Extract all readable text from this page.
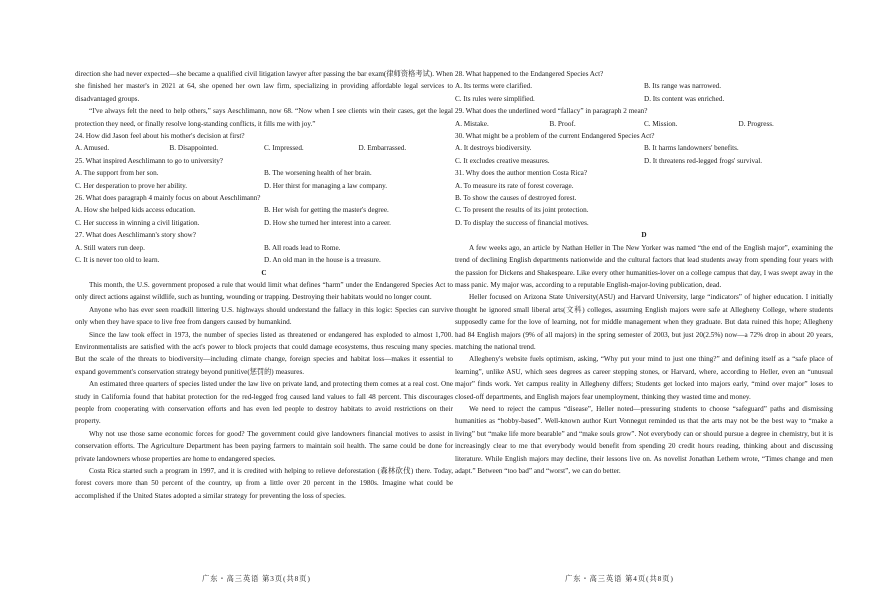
direction she had never expected—she became a qualified civil litigation lawyer after passing the bar exam(律师资格考试). When she finished her master's in 2021 at 64, she opened her own law firm, specializing in providing affordable legal services to disadvantaged groups.

“I've always felt the need to help others,” says Aeschlimann, now 68. “Now when I see clients win their cases, get the legal protection they need, or finally resolve long-standing conflicts, it fills me with joy.”

24. How did Jason feel about his mother's decision at first?

A. Amused.	B. Disappointed.	C. Impressed.	D. Embarrassed.

25. What inspired Aeschlimann to go to university?

A. The support from her son.	B. The worsening health of her brain.
C. Her desperation to prove her ability.	D. Her thirst for managing a law company.

26. What does paragraph 4 mainly focus on about Aeschlimann?

A. How she helped kids access education.	B. Her wish for getting the master's degree.
C. Her success in winning a civil litigation.	D. How she turned her interest into a career.

27. What does Aeschlimann's story show?

A. Still waters run deep.	B. All roads lead to Rome.
C. It is never too old to learn.	D. An old man in the house is a treasure.

C

This month, the U.S. government proposed a rule that would limit what defines “harm” under the Endangered Species Act to only direct actions against wildlife, such as hunting, wounding or trapping. Destroying their habitats would no longer count.

Anyone who has ever seen roadkill littering U.S. highways should understand the fallacy in this logic: Species can survive only when they have space to live free from dangers caused by humankind.

Since the law took effect in 1973, the number of species listed as threatened or endangered has exploded to almost 1,700. Environmentalists are satisfied with the act's power to block projects that could damage ecosystems, thus rescuing many species. But the scale of the threats to biodiversity—including climate change, foreign species and habitat loss—makes it essential to expand government's conservation strategy beyond punitive(惩罚的) measures.

An estimated three quarters of species listed under the law live on private land, and protecting them comes at a real cost. One study in California found that habitat protection for the red-legged frog caused land values to fall 48 percent. This discourages people from cooperating with conservation efforts and has even led people to destroy habitats to avoid restrictions on their property.

Why not use those same economic forces for good? The government could give landowners financial motives to assist in conservation efforts. The Agriculture Department has been paying farmers to maintain soil health. The same could be done for private landowners whose properties are home to endangered species.

Costa Rica started such a program in 1997, and it is credited with helping to relieve deforestation (森林砍伐) there. Today, forest covers more than 50 percent of the country, up from a little over 20 percent in the 1980s. Imagine what could be accomplished if the United States adopted a similar strategy for preventing the loss of species.

28. What happened to the Endangered Species Act?

A. Its terms were clarified.	B. Its range was narrowed.
C. Its rules were simplified.	D. Its content was enriched.

29. What does the underlined word “fallacy” in paragraph 2 mean?

A. Mistake.	B. Proof.	C. Mission.	D. Progress.

30. What might be a problem of the current Endangered Species Act?

A. It destroys biodiversity.	B. It harms landowners' benefits.
C. It excludes creative measures.	D. It threatens red-legged frogs' survival.

31. Why does the author mention Costa Rica?

A. To measure its rate of forest coverage.

B. To show the causes of destroyed forest.

C. To present the results of its joint protection.

D. To display the success of financial motives.

D

A few weeks ago, an article by Nathan Heller in The New Yorker was named “the end of the English major”, examining the trend of declining English departments nationwide and the cultural factors that lead students away from spending four years with the passion for Dickens and Shakespeare. Like every other humanities-lover on a college campus that day, I was swept away in the mass panic. My major was, according to a reputable English-major-loving publication, dead.

Heller focused on Arizona State University(ASU) and Harvard University, large “indicators” of higher education. I initially thought he ignored small liberal arts(文科) colleges, assuming English majors were safe at Allegheny College, where students supposedly came for the love of learning, not for middle management when they graduate. But data ruined this hope; Allegheny had 84 English majors (9% of all majors) in the spring semester of 2003, but just 20(2.5%) now—a 72% drop in about 20 years, matching the national trend.

Allegheny's website fuels optimism, asking, “Why put your mind to just one thing?” and defining itself as a “safe place of learning”, unlike ASU, which sees degrees as career stepping stones, or Harvard, where, according to Heller, even an “unusual major” finds work. Yet campus reality in Allegheny differs; Students get locked into majors early, “mind over major” loses to closed-off departments, and English majors fear unemployment, thinking they wasted time and money.

We need to reject the campus “disease”, Heller noted—pressuring students to choose “safeguard” paths and dismissing humanities as “hobby-based”. Well-known author Kurt Vonnegut reminded us that the arts may not be the best way to “make a living” but “make life more bearable” and “make souls grow”. Not everybody can or should pursue a degree in chemistry, but it is increasingly clear to me that everybody would benefit from spending 20 credit hours reading, thinking about and discussing literature. While English majors may decline, their lessons live on. As novelist Jonathan Lethem wrote, “Times change and men adapt.” Between “too bad” and “worst”, we can do better.

广东・高三英语 第3页(共8页)	广东・高三英语 第4页(共8页)
